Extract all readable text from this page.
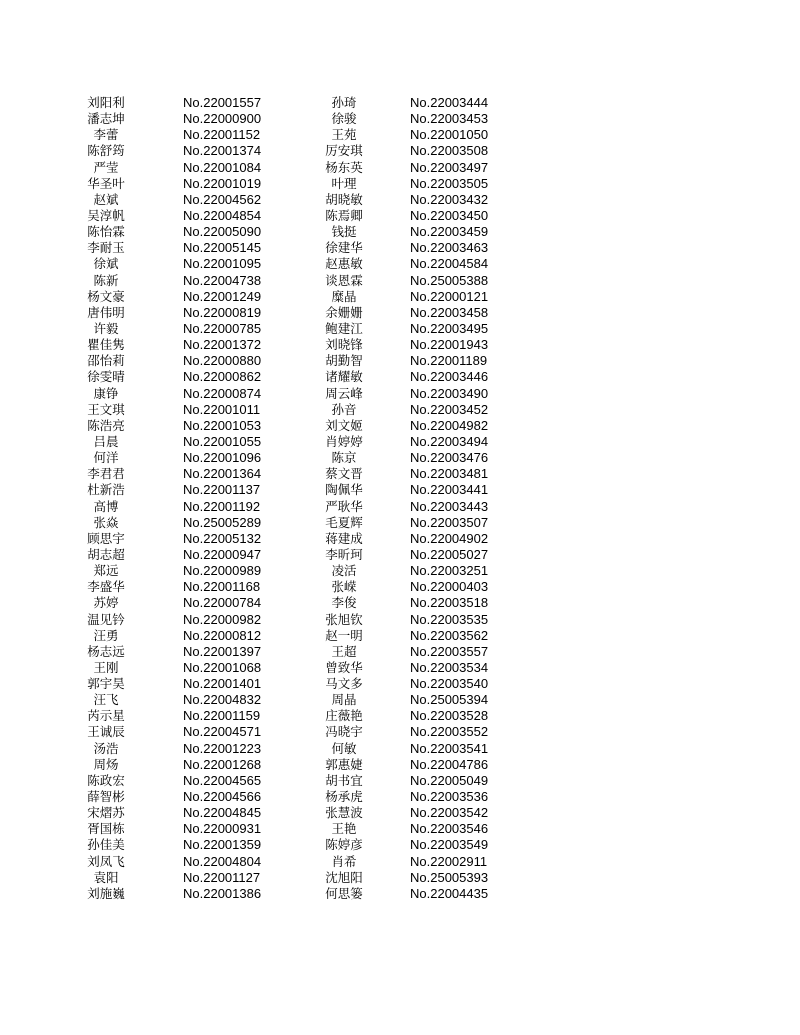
刘阳利	No.22001557	孙琦	No.22003444
潘志坤	No.22000900	徐骏	No.22003453
李蕾	No.22001152	王苑	No.22001050
陈舒筠	No.22001374	厉安琪	No.22003508
严莹	No.22001084	杨东英	No.22003497
华圣叶	No.22001019	叶理	No.22003505
赵斌	No.22004562	胡晓敏	No.22003432
吴淳帆	No.22004854	陈焉卿	No.22003450
陈怡霖	No.22005090	钱挺	No.22003459
李耐玉	No.22005145	徐建华	No.22003463
徐斌	No.22001095	赵惠敏	No.22004584
陈新	No.22004738	谈恩霖	No.25005388
杨文豪	No.22001249	糜晶	No.22000121
唐伟明	No.22000819	余姗姗	No.22003458
许毅	No.22000785	鲍建江	No.22003495
瞿佳隽	No.22001372	刘晓锋	No.22001943
邵怡莉	No.22000880	胡勤智	No.22001189
徐雯晴	No.22000862	诸耀敏	No.22003446
康铮	No.22000874	周云峰	No.22003490
王文琪	No.22001011	孙音	No.22003452
陈浩亮	No.22001053	刘文姬	No.22004982
吕晨	No.22001055	肖婷婷	No.22003494
何洋	No.22001096	陈京	No.22003476
李君君	No.22001364	蔡文晋	No.22003481
杜新浩	No.22001137	陶佩华	No.22003441
高博	No.22001192	严耿华	No.22003443
张焱	No.25005289	毛夏辉	No.22003507
顾思宇	No.22005132	蒋建成	No.22004902
胡志超	No.22000947	李昕珂	No.22005027
郑远	No.22000989	凌活	No.22003251
李盛华	No.22001168	张嵘	No.22000403
苏婷	No.22000784	李俊	No.22003518
温见钤	No.22000982	张旭钦	No.22003535
汪勇	No.22000812	赵一明	No.22003562
杨志远	No.22001397	王超	No.22003557
王刚	No.22001068	曾致华	No.22003534
郭宇昊	No.22001401	马文多	No.22003540
汪飞	No.22004832	周晶	No.25005394
芮示星	No.22001159	庄薇艳	No.22003528
王诚辰	No.22004571	冯晓宇	No.22003552
汤浩	No.22001223	何敏	No.22003541
周炀	No.22001268	郭惠婕	No.22004786
陈政宏	No.22004565	胡书宜	No.22005049
薛智彬	No.22004566	杨承虎	No.22003536
宋熠苏	No.22004845	张慧波	No.22003542
胥国栋	No.22000931	王艳	No.22003546
孙佳美	No.22001359	陈婷彦	No.22003549
刘凤飞	No.22004804	肖希	No.22002911
袁阳	No.22001127	沈旭阳	No.25005393
刘施巍	No.22001386	何思篓	No.22004435
